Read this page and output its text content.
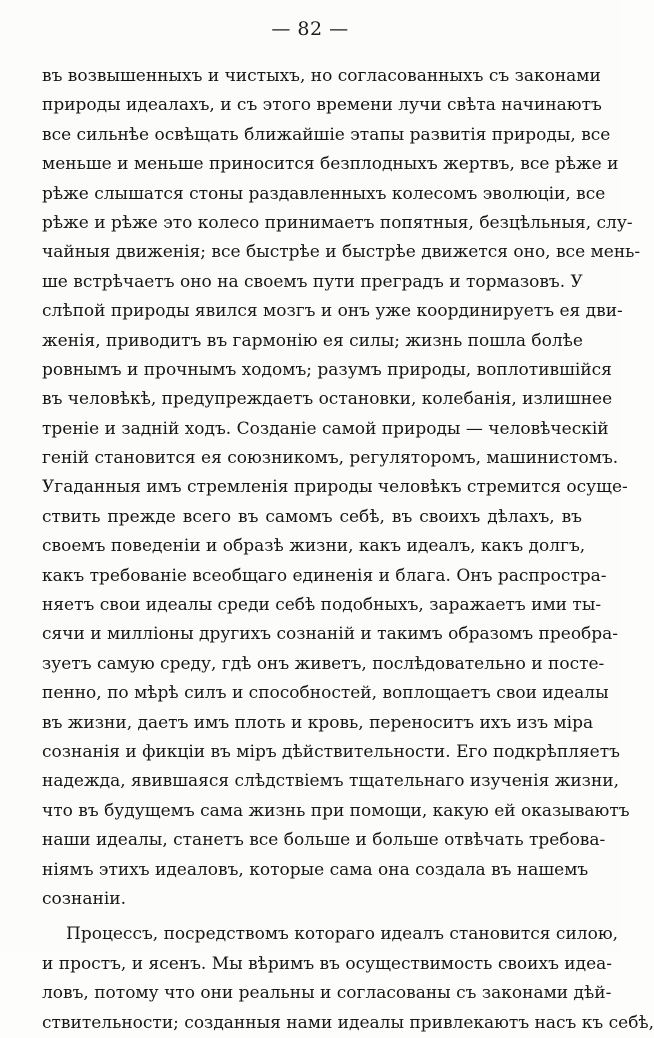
— 82 —
въ возвышенныхъ и чистыхъ, но согласованныхъ съ законами
природы идеалахъ, и съ этого времени лучи свѣта начинаютъ
все сильнѣе освѣщать ближайшіе этапы развитія природы, все
меньше и меньше приносится безплодныхъ жертвъ, все рѣже и
рѣже слышатся стоны раздавленныхъ колесомъ эволюціи, все
рѣже и рѣже это колесо принимаетъ попятныя, безцѣльныя, слу-
чайныя движенія; все быстрѣе и быстрѣе движется оно, все мень-
ше встрѣчаетъ оно на своемъ пути преградъ и тормазовъ. У
слѣпой природы явился мозгъ и онъ уже координируетъ ея дви-
женія, приводитъ въ гармонію ея силы; жизнь пошла болѣе
ровнымъ и прочнымъ ходомъ; разумъ природы, воплотившійся
въ человѣкѣ, предупреждаетъ остановки, колебанія, излишнее
треніе и задній ходъ. Созданіе самой природы — человѣческій
геній становится ея союзникомъ, регуляторомъ, машинистомъ.
Угаданныя имъ стремленія природы человѣкъ стремится осуще-
ствить прежде всего въ самомъ себѣ, въ своихъ дѣлахъ, въ
своемъ поведеніи и образѣ жизни, какъ идеалъ, какъ долгъ,
какъ требованіе всеобщаго единенія и блага. Онъ распростра-
няетъ свои идеалы среди себѣ подобныхъ, заражаетъ ими ты-
сячи и милліоны другихъ сознаній и такимъ образомъ преобра-
зуетъ самую среду, гдѣ онъ живетъ, послѣдовательно и посте-
пенно, по мѣрѣ силъ и способностей, воплощаетъ свои идеалы
въ жизни, даетъ имъ плоть и кровь, переноситъ ихъ изъ міра
сознанія и фикціи въ міръ дѣйствительности. Его подкрѣпляетъ
надежда, явившаяся слѣдствіемъ тщательнаго изученія жизни,
что въ будущемъ сама жизнь при помощи, какую ей оказываютъ
наши идеалы, станетъ все больше и больше отвѣчать требова-
ніямъ этихъ идеаловъ, которые сама она создала въ нашемъ
сознаніи.
Процессъ, посредствомъ котораго идеалъ становится силою,
и простъ, и ясенъ. Мы вѣримъ въ осуществимость своихъ идеа-
ловъ, потому что они реальны и согласованы съ законами дѣй-
ствительности; созданныя нами идеалы привлекаютъ насъ къ себѣ,
